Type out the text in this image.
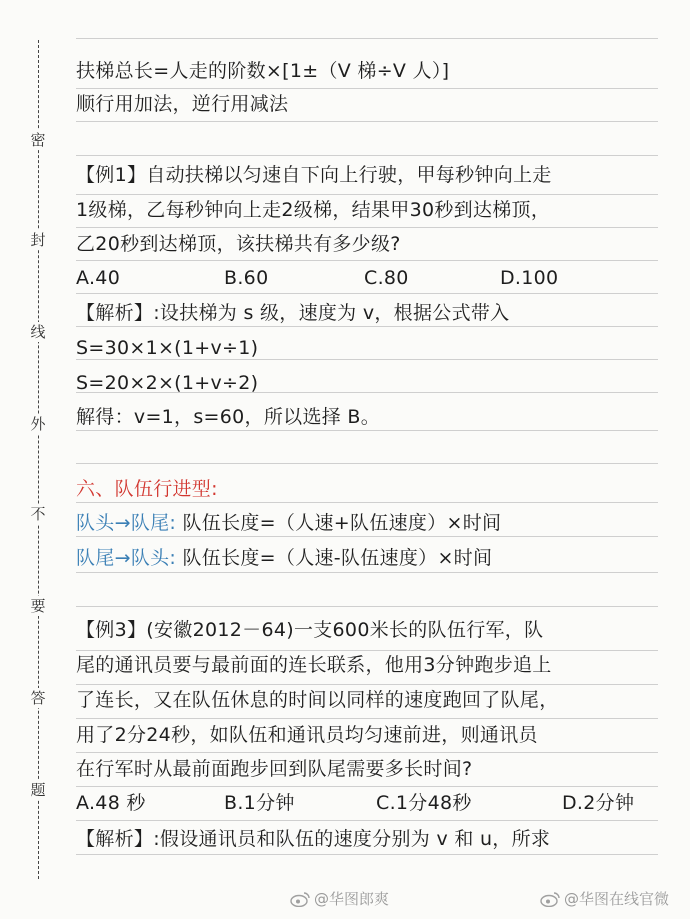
密
封
线
外
不
要
答
题
扶梯总长=人走的阶数×[1±（V 梯÷V 人）]
顺行用加法，逆行用减法
【例1】自动扶梯以匀速自下向上行驶，甲每秒钟向上走
1级梯，乙每秒钟向上走2级梯，结果甲30秒到达梯顶，
乙20秒到达梯顶，该扶梯共有多少级?
A.40	B.60	C.80	D.100
【解析】:设扶梯为 s 级，速度为 v，根据公式带入
S=30×1×(1+v÷1)
S=20×2×(1+v÷2)
解得：v=1，s=60，所以选择 B。
六、队伍行进型:
队头→队尾: 队伍长度=（人速+队伍速度）×时间
队尾→队头: 队伍长度=（人速-队伍速度）×时间
【例3】(安徽2012－64)一支600米长的队伍行军，队
尾的通讯员要与最前面的连长联系，他用3分钟跑步追上
了连长，又在队伍休息的时间以同样的速度跑回了队尾，
用了2分24秒，如队伍和通讯员均匀速前进，则通讯员
在行军时从最前面跑步回到队尾需要多长时间?
A.48 秒	B.1分钟	C.1分48秒	D.2分钟
【解析】:假设通讯员和队伍的速度分别为 v 和 u，所求
@华图郎爽	@华图在线官微
